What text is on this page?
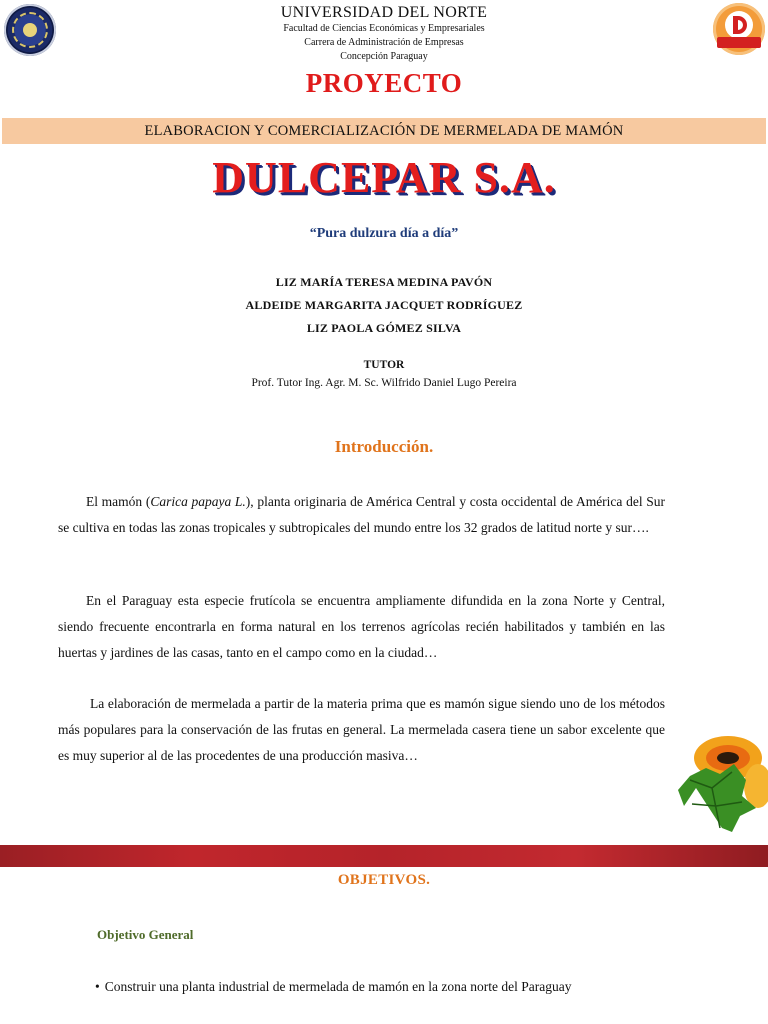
UNIVERSIDAD DEL NORTE
Facultad de Ciencias Económicas y Empresariales
Carrera de Administración de Empresas
Concepción Paraguay
PROYECTO
ELABORACION Y COMERCIALIZACIÓN DE MERMELADA DE MAMÓN
DULCEPAR S.A.
“Pura dulzura día a día”
LIZ MARÍA TERESA MEDINA PAVÓN
ALDEIDE MARGARITA JACQUET RODRÍGUEZ
LIZ PAOLA GÓMEZ SILVA
TUTOR
Prof. Tutor Ing. Agr. M. Sc. Wilfrido Daniel Lugo Pereira
Introducción.
El mamón (Carica papaya L.), planta originaria de América Central y costa occidental de América del Sur se cultiva en todas las zonas tropicales y subtropicales del mundo entre los 32 grados de latitud norte y sur….
En el Paraguay esta especie frutícola se encuentra ampliamente difundida en la zona Norte y Central, siendo frecuente encontrarla en forma natural en los terrenos agrícolas recién habilitados y también en las huertas y jardines de las casas, tanto en el campo como en la ciudad…
La elaboración de mermelada a partir de la materia prima que es mamón sigue siendo uno de los métodos más populares para la conservación de las frutas en general. La mermelada casera tiene un sabor excelente que es muy superior al de las procedentes de una producción masiva…
OBJETIVOS.
Objetivo General
• Construir una planta industrial de mermelada de mamón en la zona norte del Paraguay
